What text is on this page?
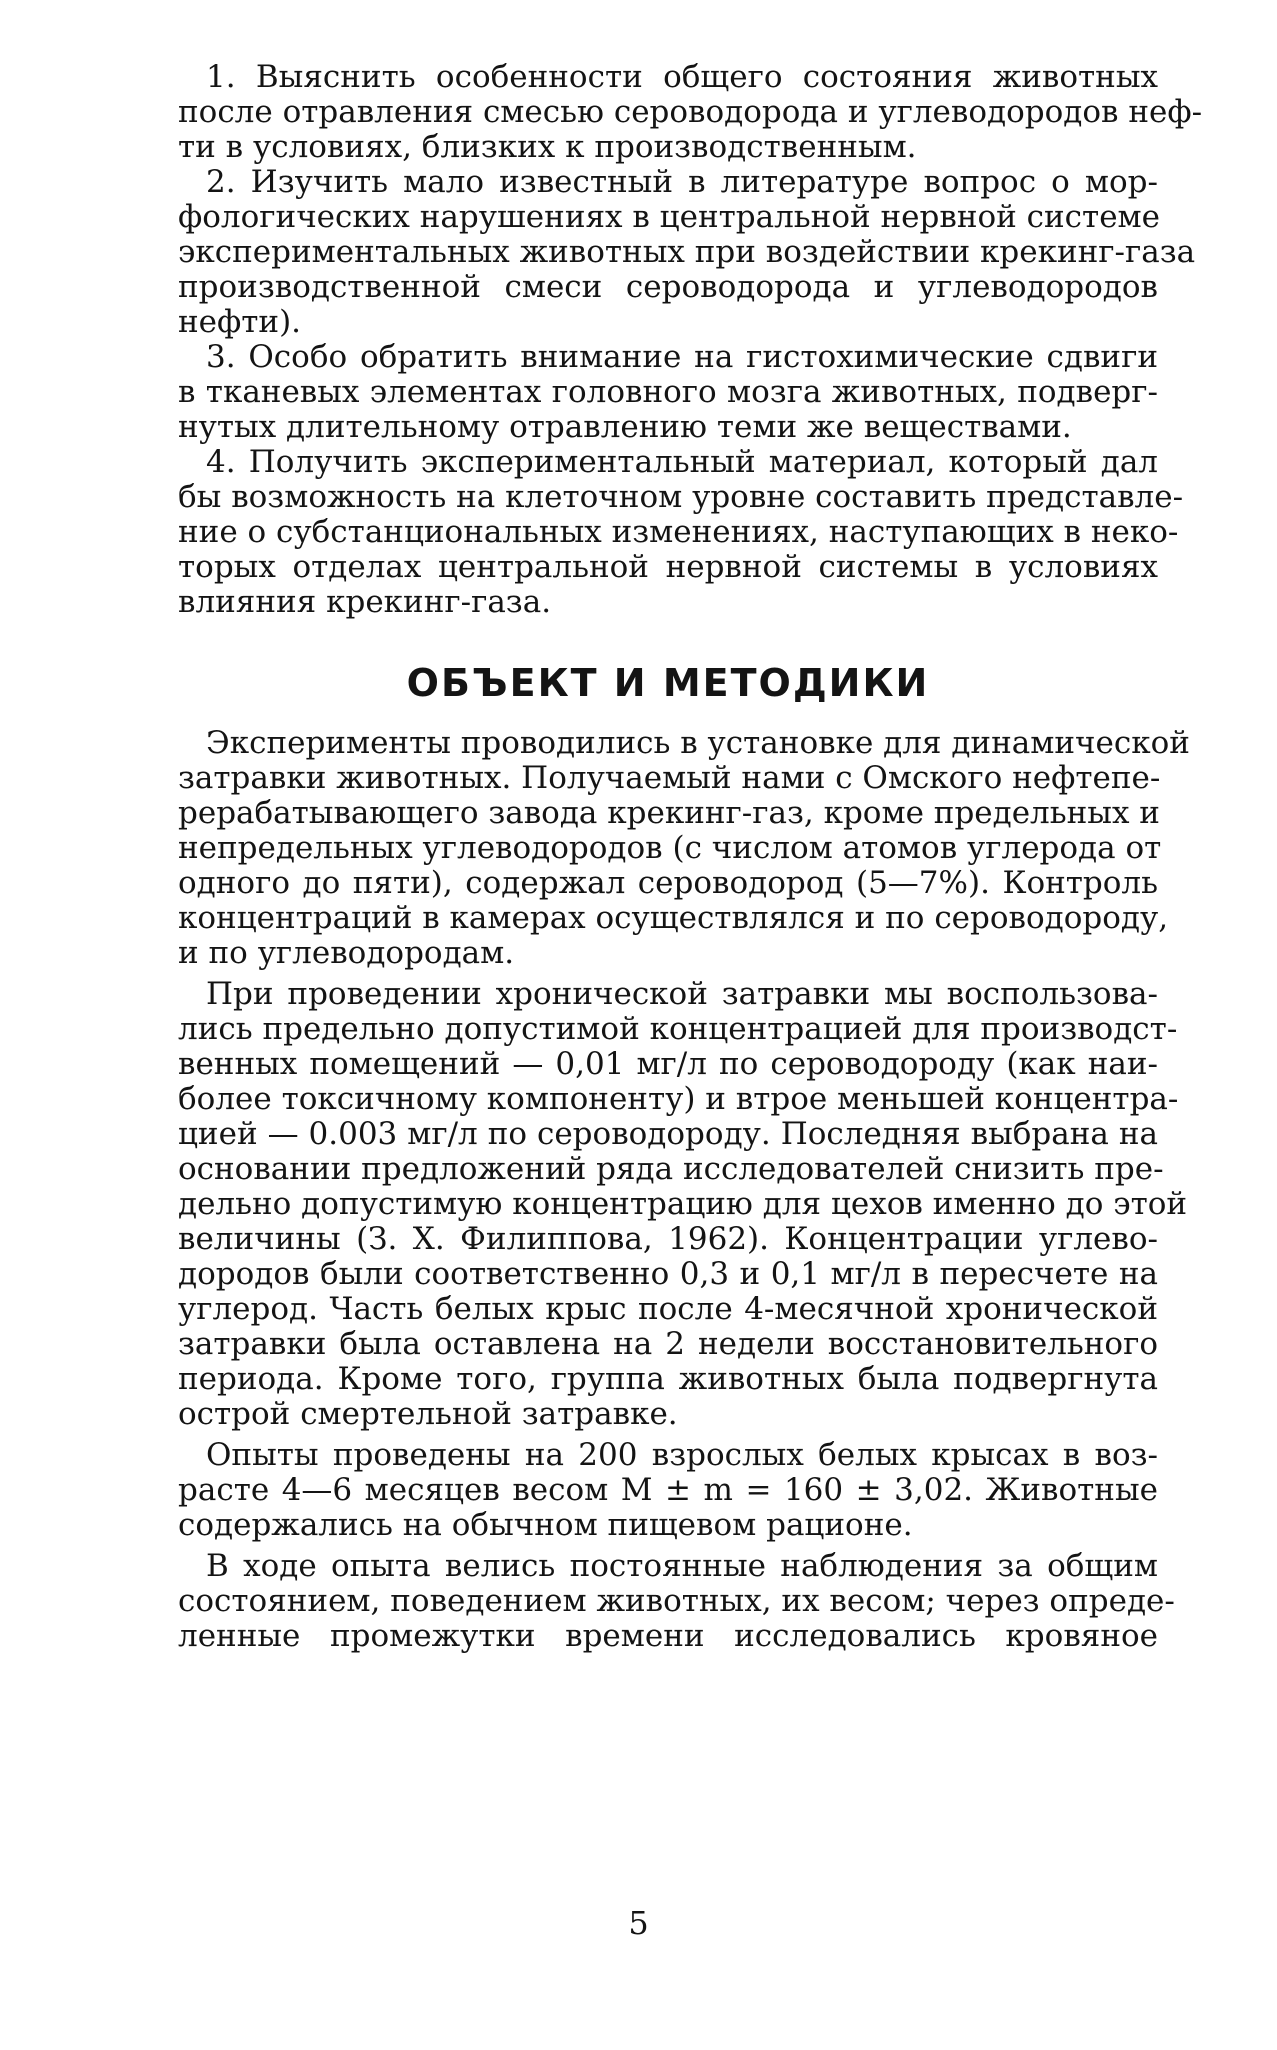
1. Выяснить особенности общего состояния животных
после отравления смесью сероводорода и углеводородов неф-
ти в условиях, близких к производственным.
2. Изучить мало известный в литературе вопрос о мор-
фологических нарушениях в центральной нервной системе
экспериментальных животных при воздействии крекинг-газа
производственной смеси сероводорода и углеводородов
нефти).
3. Особо обратить внимание на гистохимические сдвиги
в тканевых элементах головного мозга животных, подверг-
нутых длительному отравлению теми же веществами.
4. Получить экспериментальный материал, который дал
бы возможность на клеточном уровне составить представле-
ние о субстанциональных изменениях, наступающих в неко-
торых отделах центральной нервной системы в условиях
влияния крекинг-газа.
ОБЪЕКТ И МЕТОДИКИ
Эксперименты проводились в установке для динамической
затравки животных. Получаемый нами с Омского нефтепе-
рерабатывающего завода крекинг-газ, кроме предельных и
непредельных углеводородов (с числом атомов углерода от
одного до пяти), содержал сероводород (5—7%). Контроль
концентраций в камерах осуществлялся и по сероводороду,
и по углеводородам.
При проведении хронической затравки мы воспользова-
лись предельно допустимой концентрацией для производст-
венных помещений — 0,01 мг/л по сероводороду (как наи-
более токсичному компоненту) и втрое меньшей концентра-
цией — 0.003 мг/л по сероводороду. Последняя выбрана на
основании предложений ряда исследователей снизить пре-
дельно допустимую концентрацию для цехов именно до этой
величины (З. Х. Филиппова, 1962). Концентрации углево-
дородов были соответственно 0,3 и 0,1 мг/л в пересчете на
углерод. Часть белых крыс после 4-месячной хронической
затравки была оставлена на 2 недели восстановительного
периода. Кроме того, группа животных была подвергнута
острой смертельной затравке.
Опыты проведены на 200 взрослых белых крысах в воз-
расте 4—6 месяцев весом M ± m = 160 ± 3,02. Животные
содержались на обычном пищевом рационе.
В ходе опыта велись постоянные наблюдения за общим
состоянием, поведением животных, их весом; через опреде-
ленные промежутки времени исследовались кровяное
5
